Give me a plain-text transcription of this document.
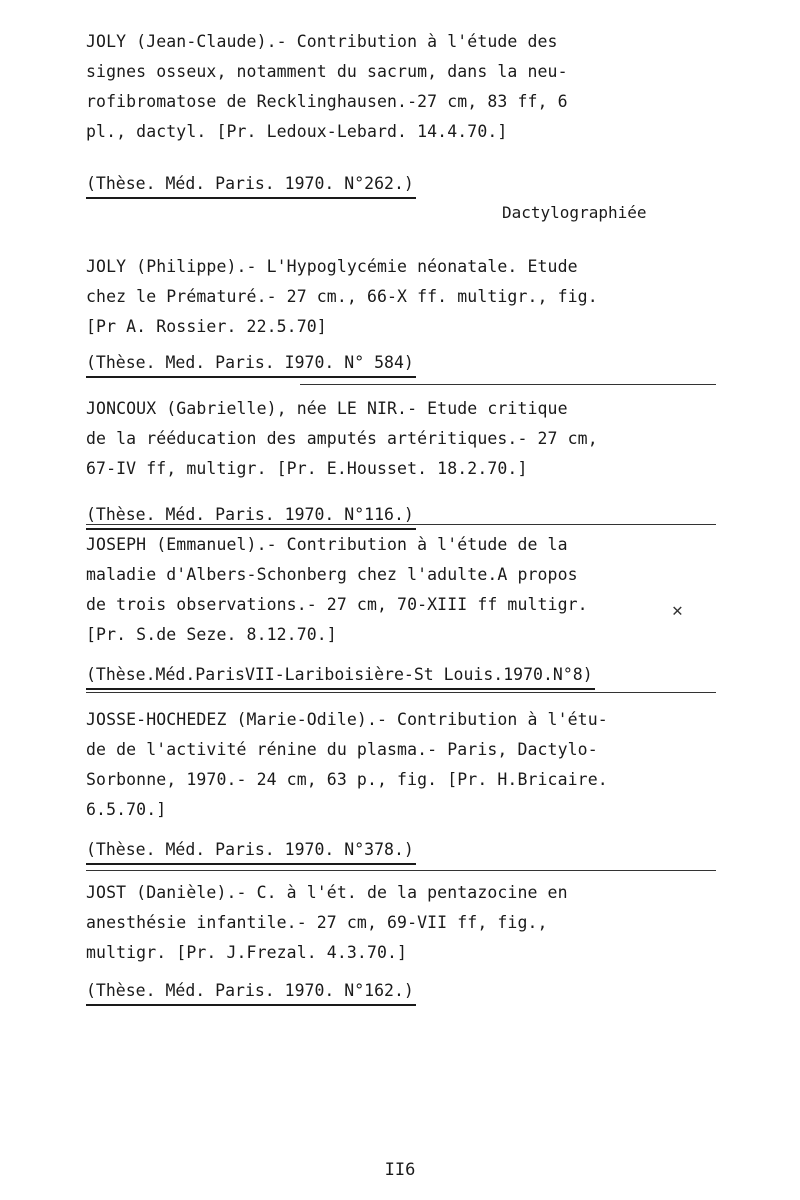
JOLY (Jean-Claude).- Contribution à l'étude des
signes osseux, notamment du sacrum, dans la neu-
rofibromatose de Recklinghausen.-27 cm, 83 ff, 6
pl., dactyl. [Pr. Ledoux-Lebard. 14.4.70.]
(Thèse. Méd. Paris. 1970. N°262.)
Dactylographiée
JOLY (Philippe).- L'Hypoglycémie néonatale. Etude
chez le Prématuré.- 27 cm., 66-X ff. multigr., fig.
[Pr A. Rossier. 22.5.70]
(Thèse. Med. Paris. I970. N° 584)
JONCOUX (Gabrielle), née LE NIR.- Etude critique
de la rééducation des amputés artéritiques.- 27 cm,
67-IV ff, multigr. [Pr. E.Housset. 18.2.70.]
(Thèse. Méd. Paris. 1970. N°116.)
JOSEPH (Emmanuel).- Contribution à l'étude de la
maladie d'Albers-Schonberg chez l'adulte.A propos
de trois observations.- 27 cm, 70-XIII ff multigr.
[Pr. S.de Seze. 8.12.70.]
(Thèse.Méd.ParisVII-Lariboisière-St Louis.1970.N°8)
✕
JOSSE-HOCHEDEZ (Marie-Odile).- Contribution à l'étu-
de de l'activité rénine du plasma.- Paris, Dactylo-
Sorbonne, 1970.- 24 cm, 63 p., fig. [Pr. H.Bricaire.
6.5.70.]
(Thèse. Méd. Paris. 1970. N°378.)
JOST (Danièle).- C. à l'ét. de la pentazocine en
anesthésie infantile.- 27 cm, 69-VII ff, fig.,
multigr. [Pr. J.Frezal. 4.3.70.]
(Thèse. Méd. Paris. 1970. N°162.)
II6
